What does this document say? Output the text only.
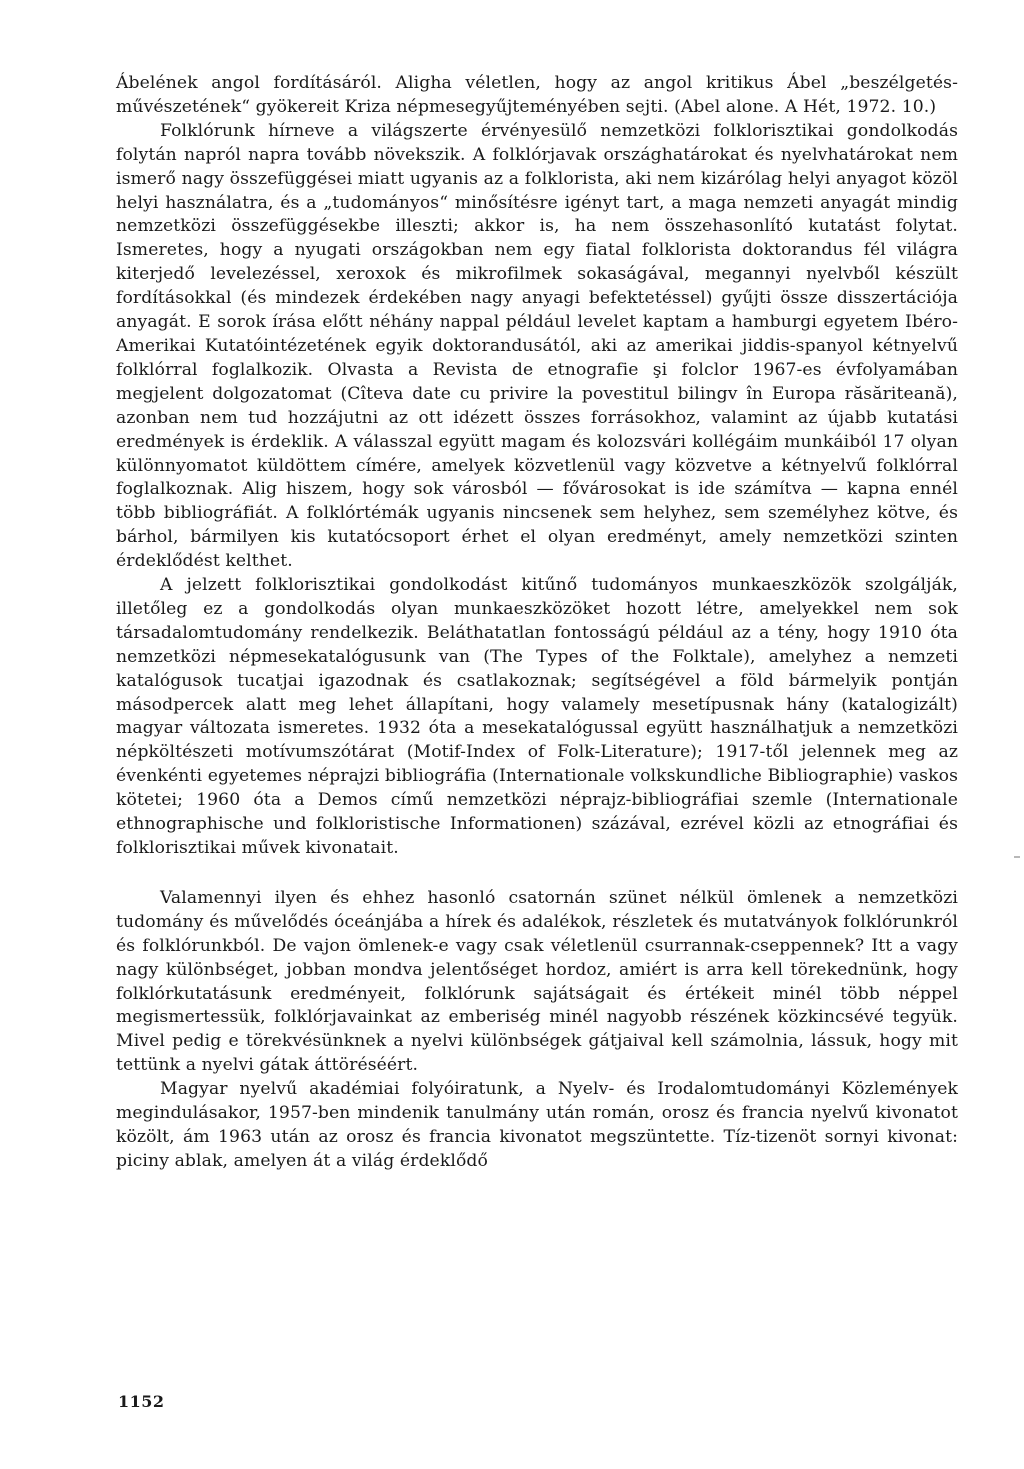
Ábelének angol fordításáról. Aligha véletlen, hogy az angol kritikus Ábel „beszélgetés-művészetének“ gyökereit Kriza népmesegyűjteményében sejti. (Abel alone. A Hét, 1972. 10.)

Folklórunk hírneve a világszerte érvényesülő nemzetközi folklorisztikai gondolkodás folytán napról napra tovább növekszik. A folklórjavak országhatárokat és nyelvhatárokat nem ismerő nagy összefüggései miatt ugyanis az a folklorista, aki nem kizárólag helyi anyagot közöl helyi használatra, és a „tudományos“ minősítésre igényt tart, a maga nemzeti anyagát mindig nemzetközi összefüggésekbe illeszti; akkor is, ha nem összehasonlító kutatást folytat. Ismeretes, hogy a nyugati országokban nem egy fiatal folklorista doktorandus fél világra kiterjedő levelezéssel, xeroxok és mikrofilmek sokaságával, megannyi nyelvből készült fordításokkal (és mindezek érdekében nagy anyagi befektetéssel) gyűjti össze disszertációja anyagát. E sorok írása előtt néhány nappal például levelet kaptam a hamburgi egyetem Ibéro-Amerikai Kutatóintézetének egyik doktorandusától, aki az amerikai jiddis-spanyol kétnyelvű folklórral foglalkozik. Olvasta a Revista de etnografie şi folclor 1967-es évfolyamában megjelent dolgozatomat (Cîteva date cu privire la povestitul bilingv în Europa răsăriteană), azonban nem tud hozzájutni az ott idézett összes forrásokhoz, valamint az újabb kutatási eredmények is érdeklik. A válasszal együtt magam és kolozsvári kollégáim munkáiból 17 olyan különnyomatot küldöttem címére, amelyek közvetlenül vagy közvetve a kétnyelvű folklórral foglalkoznak. Alig hiszem, hogy sok városból — fővárosokat is ide számítva — kapna ennél több bibliográfiát. A folklórtémák ugyanis nincsenek sem helyhez, sem személyhez kötve, és bárhol, bármilyen kis kutatócsoport érhet el olyan eredményt, amely nemzetközi szinten érdeklődést kelthet.

A jelzett folklorisztikai gondolkodást kitűnő tudományos munkaeszközök szolgálják, illetőleg ez a gondolkodás olyan munkaeszközöket hozott létre, amelyekkel nem sok társadalomtudomány rendelkezik. Beláthatatlan fontosságú például az a tény, hogy 1910 óta nemzetközi népmesekatalógusunk van (The Types of the Folktale), amelyhez a nemzeti katalógusok tucatjai igazodnak és csatlakoznak; segítségével a föld bármelyik pontján másodpercek alatt meg lehet állapítani, hogy valamely mesetípusnak hány (katalogizált) magyar változata ismeretes. 1932 óta a mesekatalógussal együtt használhatjuk a nemzetközi népköltészeti motívumszótárat (Motif-Index of Folk-Literature); 1917-től jelennek meg az évenkénti egyetemes néprajzi bibliográfia (Internationale volkskundliche Bibliographie) vaskos kötetei; 1960 óta a Demos című nemzetközi néprajz-bibliográfiai szemle (Internationale ethnographische und folkloristische Informationen) százával, ezrével közli az etnográfiai és folklorisztikai művek kivonatait.

Valamennyi ilyen és ehhez hasonló csatornán szünet nélkül ömlenek a nemzetközi tudomány és művelődés óceánjába a hírek és adalékok, részletek és mutatványok folklórunkról és folklórunkból. De vajon ömlenek-e vagy csak véletlenül csurrannak-cseppennek? Itt a vagy nagy különbséget, jobban mondva jelentőséget hordoz, amiért is arra kell törekednünk, hogy folklórkutatásunk eredményeit, folklórunk sajátságait és értékeit minél több néppel megismertessük, folklórjavainkat az emberiség minél nagyobb részének közkincsévé tegyük. Mivel pedig e törekvésünknek a nyelvi különbségek gátjaival kell számolnia, lássuk, hogy mit tettünk a nyelvi gátak áttöréséért.

Magyar nyelvű akadémiai folyóiratunk, a Nyelv- és Irodalomtudományi Közlemények megindulásakor, 1957-ben mindenik tanulmány után román, orosz és francia nyelvű kivonatot közölt, ám 1963 után az orosz és francia kivonatot megszüntette. Tíz-tizenöt sornyi kivonat: piciny ablak, amelyen át a világ érdeklődő

1152
